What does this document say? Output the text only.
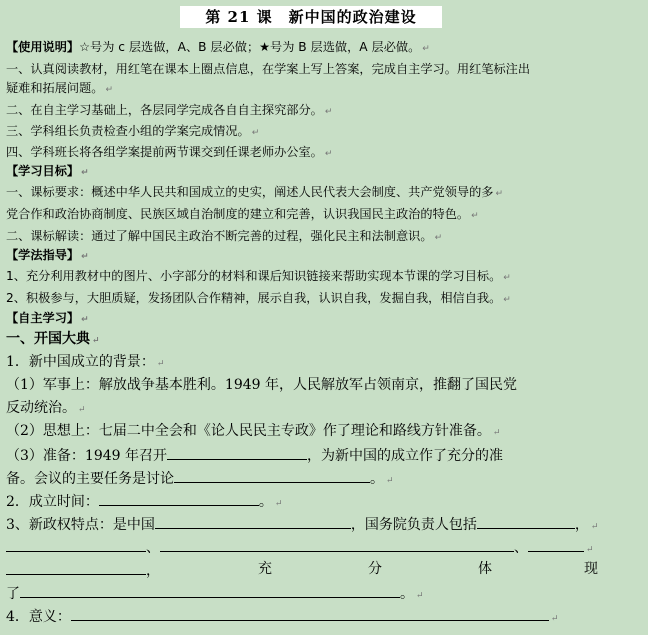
第 21 课　新中国的政治建设
【使用说明】☆号为 c 层选做，A、B 层必做；★号为 B 层选做，A 层必做。 ↵
一、认真阅读教材，用红笔在课本上圈点信息，在学案上写上答案，完成自主学习。用红笔标注出
疑难和拓展问题。 ↵
二、在自主学习基础上，各层同学完成各自自主探究部分。 ↵
三、学科组长负责检查小组的学案完成情况。 ↵
四、学科班长将各组学案提前两节课交到任课老师办公室。 ↵
【学习目标】 ↵
一、课标要求：概述中华人民共和国成立的史实，阐述人民代表大会制度、共产党领导的多 ↵
党合作和政治协商制度、民族区域自治制度的建立和完善，认识我国民主政治的特色。 ↵
二、课标解读：通过了解中国民主政治不断完善的过程，强化民主和法制意识。 ↵
【学法指导】 ↵
1、充分利用教材中的图片、小字部分的材料和课后知识链接来帮助实现本节课的学习目标。 ↵
2、积极参与，大胆质疑，发扬团队合作精神，展示自我，认识自我，发掘自我，相信自我。 ↵
【自主学习】 ↵
一、开国大典 ↵
1．新中国成立的背景： ↵
（1）军事上：解放战争基本胜利。1949 年，人民解放军占领南京，推翻了国民党
反动统治。 ↵
（2）思想上：七届二中全会和《论人民民主专政》作了理论和路线方针准备。 ↵
（3）准备：1949 年召开	，为新中国的成立作了充分的准
备。会议的主要任务是讨论	。 ↵
2．成立时间：	。 ↵
3、新政权特点：是中国	，国务院负责人包括	， ↵
、	、	↵
，	充	分	体	现
了	。 ↵
4．意义：	↵
